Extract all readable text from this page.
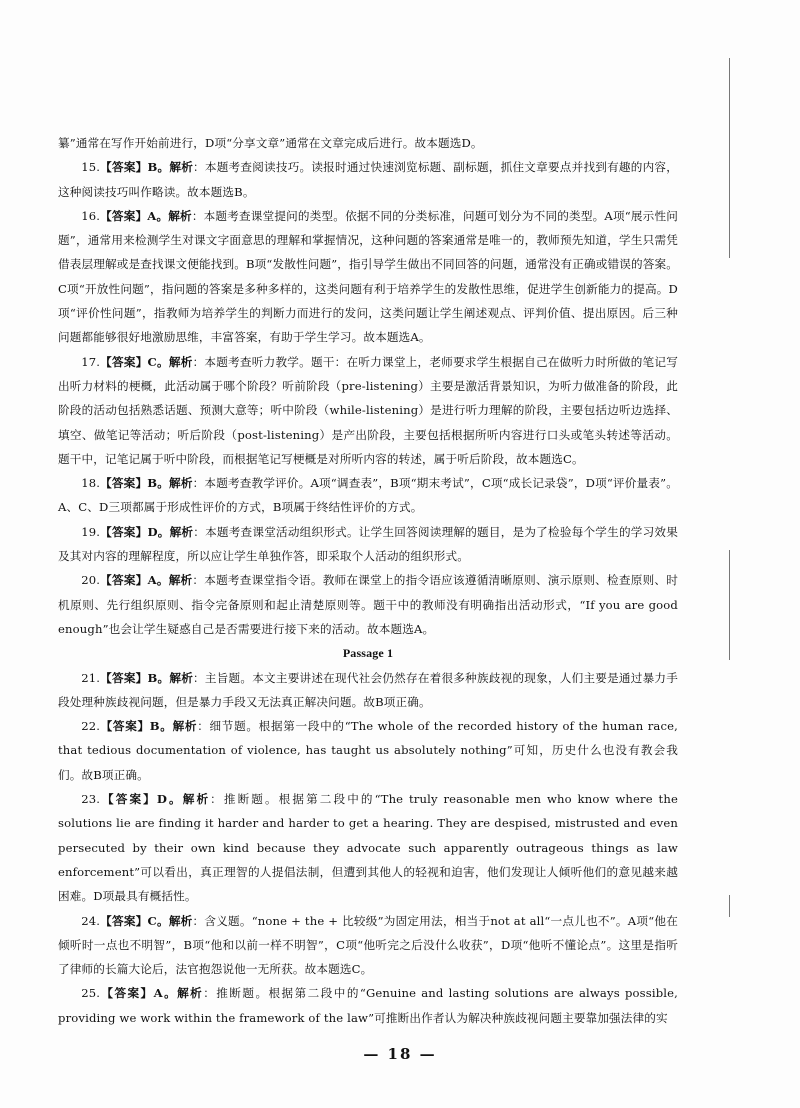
纂”通常在写作开始前进行，D项“分享文章”通常在文章完成后进行。故本题选D。

15.【答案】B。解析：本题考查阅读技巧。读报时通过快速浏览标题、副标题，抓住文章要点并找到有趣的内容，这种阅读技巧叫作略读。故本题选B。

16.【答案】A。解析：本题考查课堂提问的类型。依据不同的分类标准，问题可划分为不同的类型。A项“展示性问题”，通常用来检测学生对课文字面意思的理解和掌握情况，这种问题的答案通常是唯一的，教师预先知道，学生只需凭借表层理解或是查找课文便能找到。B项“发散性问题”，指引导学生做出不同回答的问题，通常没有正确或错误的答案。C项“开放性问题”，指问题的答案是多种多样的，这类问题有利于培养学生的发散性思维，促进学生创新能力的提高。D项“评价性问题”，指教师为培养学生的判断力而进行的发问，这类问题让学生阐述观点、评判价值、提出原因。后三种问题都能够很好地激励思维，丰富答案，有助于学生学习。故本题选A。

17.【答案】C。解析：本题考查听力教学。题干：在听力课堂上，老师要求学生根据自己在做听力时所做的笔记写出听力材料的梗概，此活动属于哪个阶段？听前阶段（pre-listening）主要是激活背景知识，为听力做准备的阶段，此阶段的活动包括熟悉话题、预测大意等；听中阶段（while-listening）是进行听力理解的阶段，主要包括边听边选择、填空、做笔记等活动；听后阶段（post-listening）是产出阶段，主要包括根据所听内容进行口头或笔头转述等活动。题干中，记笔记属于听中阶段，而根据笔记写梗概是对所听内容的转述，属于听后阶段，故本题选C。

18.【答案】B。解析：本题考查教学评价。A项“调查表”，B项“期末考试”，C项“成长记录袋”，D项“评价量表”。A、C、D三项都属于形成性评价的方式，B项属于终结性评价的方式。

19.【答案】D。解析：本题考查课堂活动组织形式。让学生回答阅读理解的题目，是为了检验每个学生的学习效果及其对内容的理解程度，所以应让学生单独作答，即采取个人活动的组织形式。

20.【答案】A。解析：本题考查课堂指令语。教师在课堂上的指令语应该遵循清晰原则、演示原则、检查原则、时机原则、先行组织原则、指令完备原则和起止清楚原则等。题干中的教师没有明确指出活动形式，“If you are good enough”也会让学生疑惑自己是否需要进行接下来的活动。故本题选A。

Passage 1

21.【答案】B。解析：主旨题。本文主要讲述在现代社会仍然存在着很多种族歧视的现象，人们主要是通过暴力手段处理种族歧视问题，但是暴力手段又无法真正解决问题。故B项正确。

22.【答案】B。解析：细节题。根据第一段中的“The whole of the recorded history of the human race, that tedious documentation of violence, has taught us absolutely nothing”可知，历史什么也没有教会我们。故B项正确。

23.【答案】D。解析：推断题。根据第二段中的“The truly reasonable men who know where the solutions lie are finding it harder and harder to get a hearing. They are despised, mistrusted and even persecuted by their own kind because they advocate such apparently outrageous things as law enforcement”可以看出，真正理智的人提倡法制，但遭到其他人的轻视和迫害，他们发现让人倾听他们的意见越来越困难。D项最具有概括性。

24.【答案】C。解析：含义题。“none + the + 比较级”为固定用法，相当于not at all“一点儿也不”。A项“他在倾听时一点也不明智”，B项“他和以前一样不明智”，C项“他听完之后没什么收获”，D项“他听不懂论点”。这里是指听了律师的长篇大论后，法官抱怨说他一无所获。故本题选C。

25.【答案】A。解析：推断题。根据第二段中的“Genuine and lasting solutions are always possible, providing we work within the framework of the law”可推断出作者认为解决种族歧视问题主要靠加强法律的实

— 18 —
